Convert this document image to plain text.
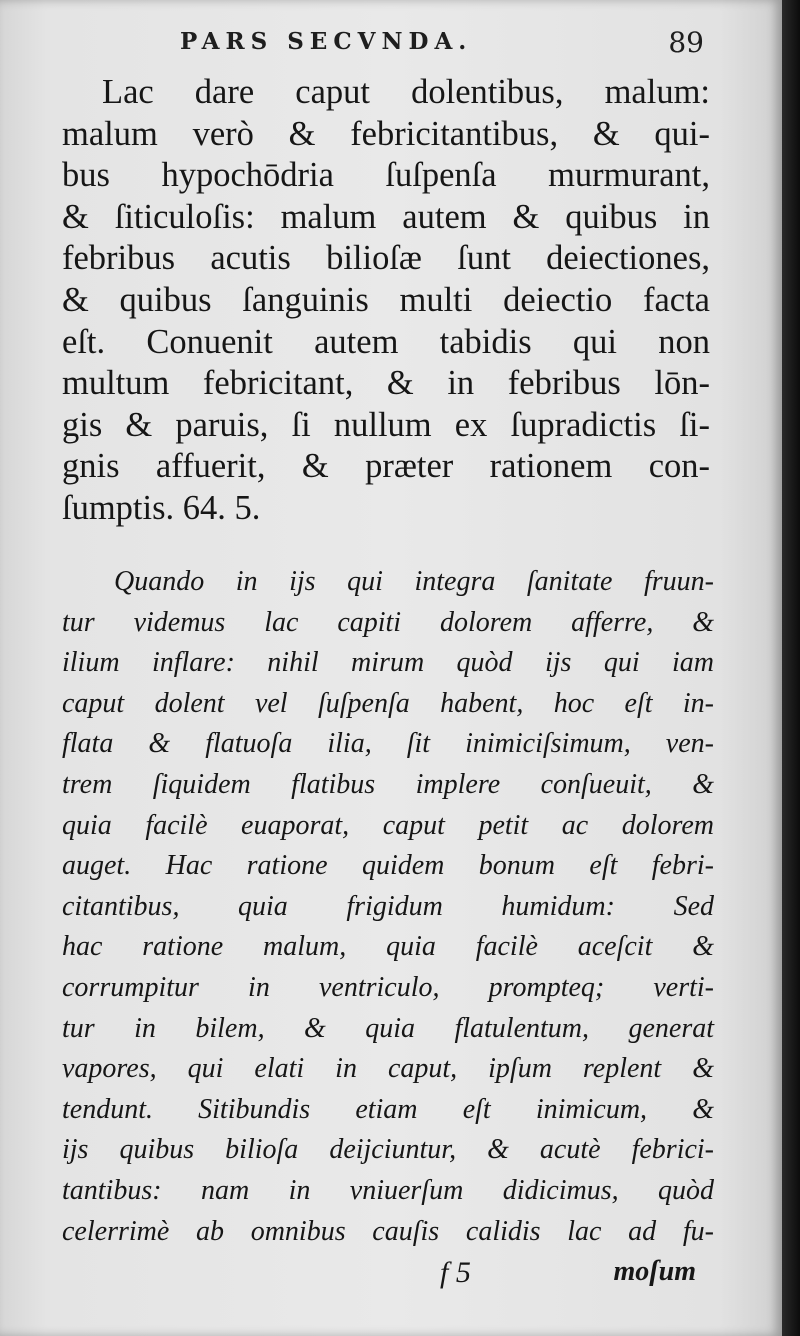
PARS SECVNDA.	89
Lac dare caput dolentibus, malum:
malum verò & febricitantibus, & qui-
bus hypochōdria ſuſpenſa murmurant,
& ſiticuloſis: malum autem & quibus in
febribus acutis bilioſæ ſunt deiectiones,
& quibus ſanguinis multi deiectio facta
eſt. Conuenit autem tabidis qui non
multum febricitant, & in febribus lōn-
gis & paruis, ſi nullum ex ſupradictis ſi-
gnis affuerit, & præter rationem con-
ſumptis. 64. 5.
Quando in ijs qui integra ſanitate fruun-
tur videmus lac capiti dolorem afferre, &
ilium inflare: nihil mirum quòd ijs qui iam
caput dolent vel ſuſpenſa habent, hoc eſt in-
flata & flatuoſa ilia, ſit inimiciſsimum, ven-
trem ſiquidem flatibus implere conſueuit, &
quia facilè euaporat, caput petit ac dolorem
auget. Hac ratione quidem bonum eſt febri-
citantibus, quia frigidum humidum: Sed
hac ratione malum, quia facilè aceſcit &
corrumpitur in ventriculo, prompteq; verti-
tur in bilem, & quia flatulentum, generat
vapores, qui elati in caput, ipſum replent &
tendunt. Sitibundis etiam eſt inimicum, &
ijs quibus bilioſa deijciuntur, & acutè febrici-
tantibus: nam in vniuerſum didicimus, quòd
celerrimè ab omnibus cauſis calidis lac ad fu-
f 5	moſum
